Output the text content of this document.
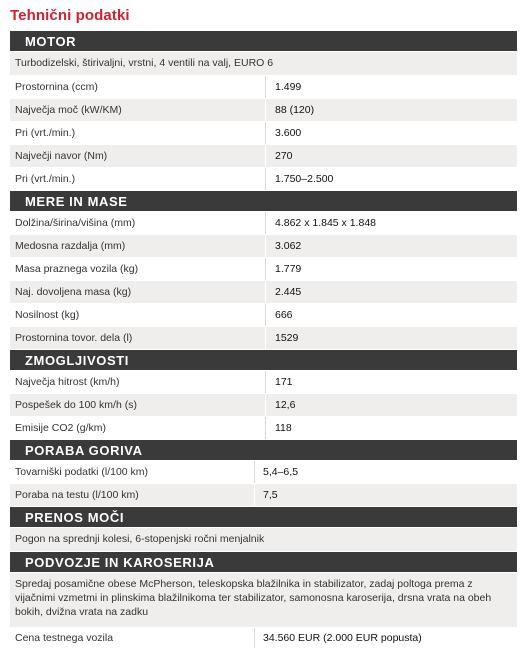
Tehnični podatki
MOTOR
Turbodizelski, štirivaljni, vrstni, 4 ventili na valj, EURO 6
Prostornina (ccm)	1.499
Največja moč (kW/KM)	88 (120)
Pri (vrt./min.)	3.600
Največji navor (Nm)	270
Pri (vrt./min.)	1.750–2.500
MERE IN MASE
Dolžina/širina/višina (mm)	4.862 x 1.845 x 1.848
Medosna razdalja (mm)	3.062
Masa praznega vozila (kg)	1.779
Naj. dovoljena masa (kg)	2.445
Nosilnost (kg)	666
Prostornina tovor. dela (l)	1529
ZMOGLJIVOSTI
Največja hitrost (km/h)	171
Pospešek do 100 km/h (s)	12,6
Emisije CO2 (g/km)	118
PORABA GORIVA
Tovarniški podatki (l/100 km)	5,4–6,5
Poraba na testu (l/100 km)	7,5
PRENOS MOČI
Pogon na sprednji kolesi, 6-stopenjski ročni menjalnik
PODVOZJE IN KAROSERIJA
Spredaj posamične obese McPherson, teleskopska blažilnika in stabilizator, zadaj poltoga prema z vijačnimi vzmetmi in plinskima blažilnikoma ter stabilizator, samonosna karoserija, drsna vrata na obeh bokih, dvižna vrata na zadku
Cena testnega vozila	34.560 EUR (2.000 EUR popusta)
